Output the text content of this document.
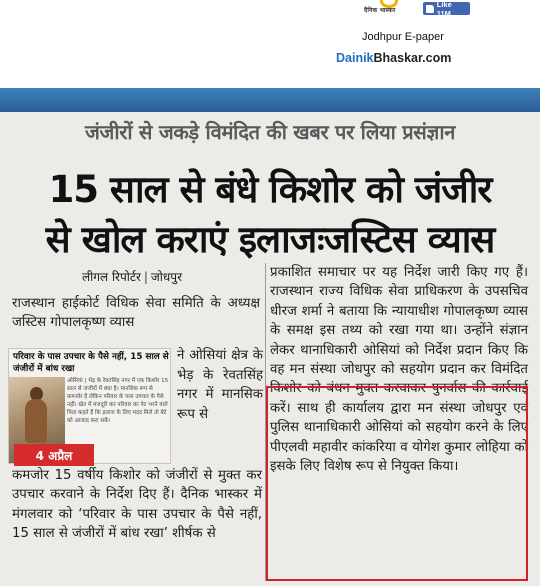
दैनिक भास्कर
Like 11M
Jodhpur E-paper
DainikBhaskar.com
जंजीरों से जकड़े विमंदित की खबर पर लिया प्रसंज्ञान
15 साल से बंधे किशोर को जंजीर
से खोल कराएं इलाजःजस्टिस व्यास
लीगल रिपोर्टर | जोधपुर
राजस्थान हाईकोर्ट विधिक सेवा समिति के अध्यक्ष जस्टिस गोपालकृष्ण व्यास
परिवार के पास उपचार के पैसे नहीं, 15 साल से जंजीरों में बांध रखा
ओसियां | भेड़ के रेवतसिंह नगर में एक किशोर 15 साल से जंजीरों में बंधा है। मानसिक रूप से कमजोर है लेकिन परिवार के पास उपचार के पैसे नहीं। खेत में मजदूरी कर परिवार का पेट भरने वाले पिता कहते हैं कि इलाज के लिए मदद मिले तो बेटे को आजाद करा सकें।
4 अप्रैल
ने ओसियां क्षेत्र के भेड़ के रेवतसिंह नगर में मानसिक रूप से
कमजोर 15 वर्षीय किशोर को जंजीरों से मुक्त कर उपचार करवाने के निर्देश दिए हैं। दैनिक भास्कर में मंगलवार को ‘परिवार के पास उपचार के पैसे नहीं, 15 साल से जंजीरों में बांध रखा’ शीर्षक से
प्रकाशित समाचार पर यह निर्देश जारी किए गए हैं। राजस्थान राज्य विधिक सेवा प्राधिकरण के उपसचिव धीरज शर्मा ने बताया कि न्यायाधीश गोपालकृष्ण व्यास के समक्ष इस तथ्य को रखा गया था। उन्होंने संज्ञान लेकर थानाधिकारी ओसियां को निर्देश प्रदान किए कि वह मन संस्था जोधपुर को सहयोग प्रदान कर विमंदित किशोर को बंधन मुक्त करवाकर पुनर्वास की कार्रवाई करें। साथ ही कार्यालय द्वारा मन संस्था जोधपुर एवं पुलिस थानाधिकारी ओसियां को सहयोग करने के लिए पीएलवी महावीर कांकरिया व योगेश कुमार लोहिया को इसके लिए विशेष रूप से नियुक्त किया।
